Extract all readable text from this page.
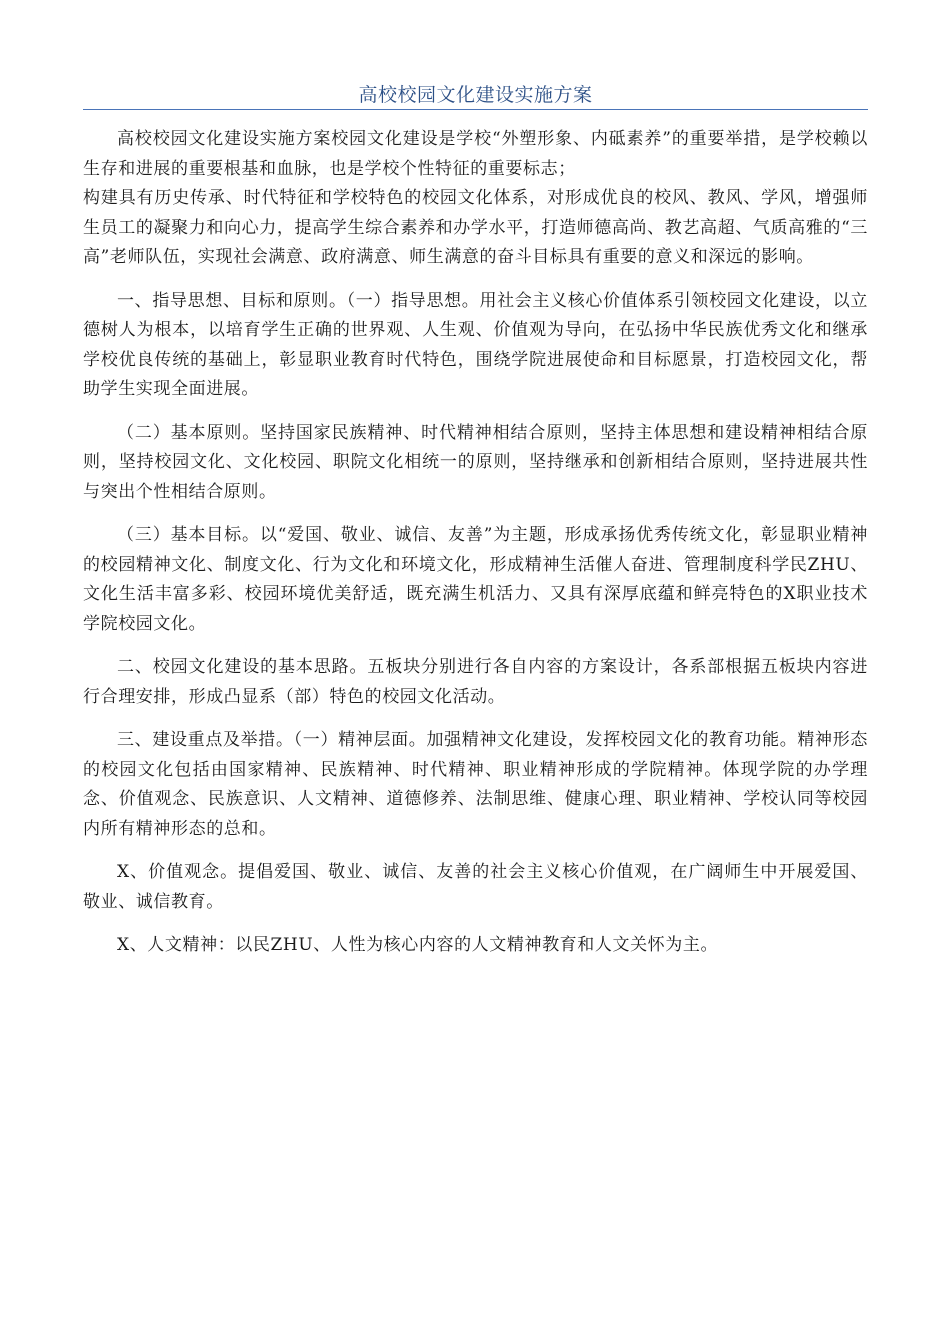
高校校园文化建设实施方案

高校校园文化建设实施方案校园文化建设是学校“外塑形象、内砥素养”的重要举措，是学校赖以生存和进展的重要根基和血脉，也是学校个性特征的重要标志；

构建具有历史传承、时代特征和学校特色的校园文化体系，对形成优良的校风、教风、学风，增强师生员工的凝聚力和向心力，提高学生综合素养和办学水平，打造师德高尚、教艺高超、气质高雅的“三高”老师队伍，实现社会满意、政府满意、师生满意的奋斗目标具有重要的意义和深远的影响。

一、指导思想、目标和原则。（一）指导思想。用社会主义核心价值体系引领校园文化建设，以立德树人为根本，以培育学生正确的世界观、人生观、价值观为导向，在弘扬中华民族优秀文化和继承学校优良传统的基础上，彰显职业教育时代特色，围绕学院进展使命和目标愿景，打造校园文化，帮助学生实现全面进展。

（二）基本原则。坚持国家民族精神、时代精神相结合原则，坚持主体思想和建设精神相结合原则，坚持校园文化、文化校园、职院文化相统一的原则，坚持继承和创新相结合原则，坚持进展共性与突出个性相结合原则。

（三）基本目标。以“爱国、敬业、诚信、友善”为主题，形成承扬优秀传统文化，彰显职业精神的校园精神文化、制度文化、行为文化和环境文化，形成精神生活催人奋进、管理制度科学民ZHU、文化生活丰富多彩、校园环境优美舒适，既充满生机活力、又具有深厚底蕴和鲜亮特色的X职业技术学院校园文化。

二、校园文化建设的基本思路。五板块分别进行各自内容的方案设计，各系部根据五板块内容进行合理安排，形成凸显系（部）特色的校园文化活动。

三、建设重点及举措。（一）精神层面。加强精神文化建设，发挥校园文化的教育功能。精神形态的校园文化包括由国家精神、民族精神、时代精神、职业精神形成的学院精神。体现学院的办学理念、价值观念、民族意识、人文精神、道德修养、法制思维、健康心理、职业精神、学校认同等校园内所有精神形态的总和。

X、价值观念。提倡爱国、敬业、诚信、友善的社会主义核心价值观，在广阔师生中开展爱国、敬业、诚信教育。

X、人文精神：以民ZHU、人性为核心内容的人文精神教育和人文关怀为主。
